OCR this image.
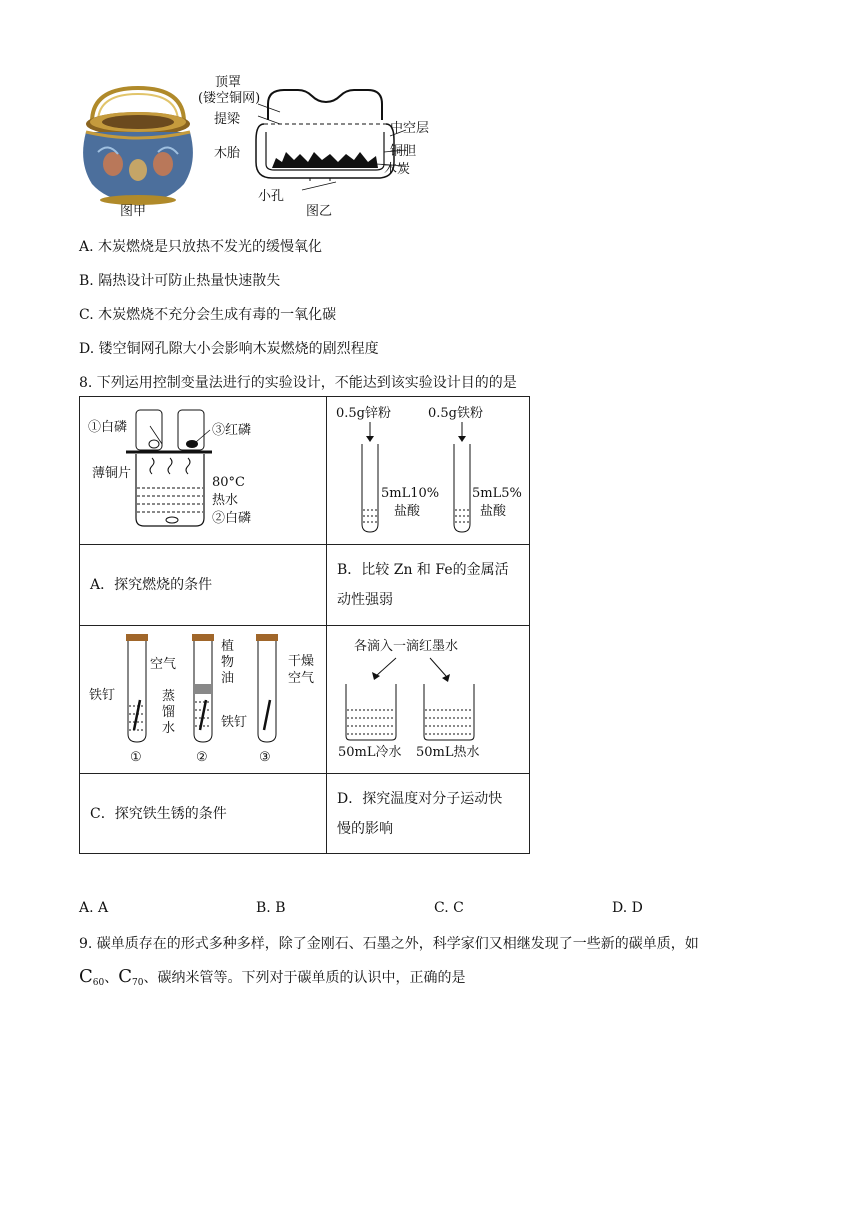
顶罩
(镂空铜网)
提梁
木胎
中空层
铜胆
木炭
小孔
图甲	图乙
A. 木炭燃烧是只放热不发光的缓慢氧化
B. 隔热设计可防止热量快速散失
C. 木炭燃烧不充分会生成有毒的一氧化碳
D. 镂空铜网孔隙大小会影响木炭燃烧的剧烈程度
8. 下列运用控制变量法进行的实验设计，不能达到该实验设计目的的是

A．探究燃烧的条件	B．比较 Zn 和 Fe的金属活
动性强弱

C．探究铁生锈的条件	D．探究温度对分子运动快
慢的影响
①白磷	③红磷
薄铜片
80°C
热水
②白磷
0.5g锌粉	0.5g铁粉
5mL10%
盐酸
5mL5%
盐酸
空气
植
物
油
干燥
空气
铁钉	蒸
馏
水	铁钉
①	②	③
各滴入一滴红墨水
50mL冷水 50mL热水
A. A	B. B	C. C	D. D
9. 碳单质存在的形式多种多样，除了金刚石、石墨之外，科学家们又相继发现了一些新的碳单质，如
$C_{60}$、$C_{70}$、碳纳米管等。下列对于碳单质的认识中，正确的是
